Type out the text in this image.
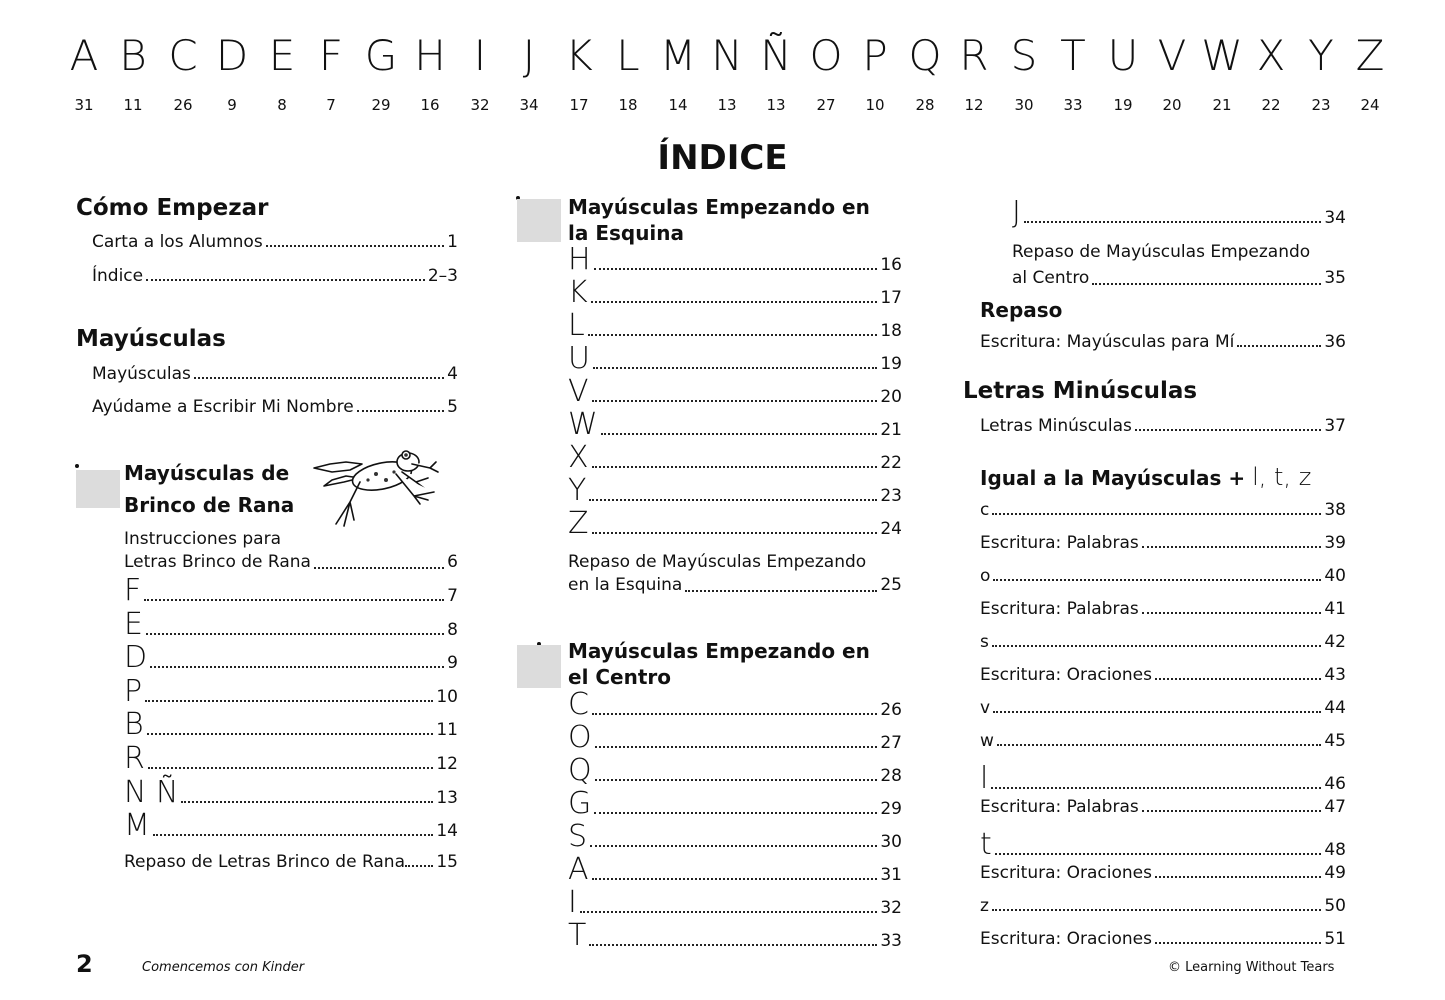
A
31
B
11
C
26
D
9
E
8
F
7
G
29
H
16
I
32
J
34
K
17
L
18
M
14
N
13
Ñ
13
O
27
P
10
Q
28
R
12
S
30
T
33
U
19
V
20
W
21
X
22
Y
23
Z
24
ÍNDICE
Cómo Empezar
Carta a los Alumnos	1
Índice	2–3
Mayúsculas
Mayúsculas	4
Ayúdame a Escribir Mi Nombre	5
Mayúsculas de
Brinco de Rana
Instrucciones para
Letras Brinco de Rana	6
F	7
E	8
D	9
P	10
B	11
R	12
N Ñ	13
M	14
Repaso de Letras Brinco de Rana 15
Mayúsculas Empezando en
la Esquina
H	16
K	17
L	18
U	19
V	20
W	21
X	22
Y	23
Z	24
Repaso de Mayúsculas Empezando
en la Esquina	25
Mayúsculas Empezando en
el Centro
C	26
O	27
Q	28
G	29
S	30
A	31
I	32
T	33
J	34
Repaso de Mayúsculas Empezando
al Centro	35
Repaso
Escritura: Mayúsculas para Mí	36
Letras Minúsculas
Letras Minúsculas	37
Igual a la Mayúsculas + l, t, z
c	38
Escritura: Palabras	39
o	40
Escritura: Palabras	41
s	42
Escritura: Oraciones	43
v	44
w	45
l	46
Escritura: Palabras	47
t	48
Escritura: Oraciones	49
z	50
Escritura: Oraciones	51
2	Comencemos con Kinder	© Learning Without Tears
